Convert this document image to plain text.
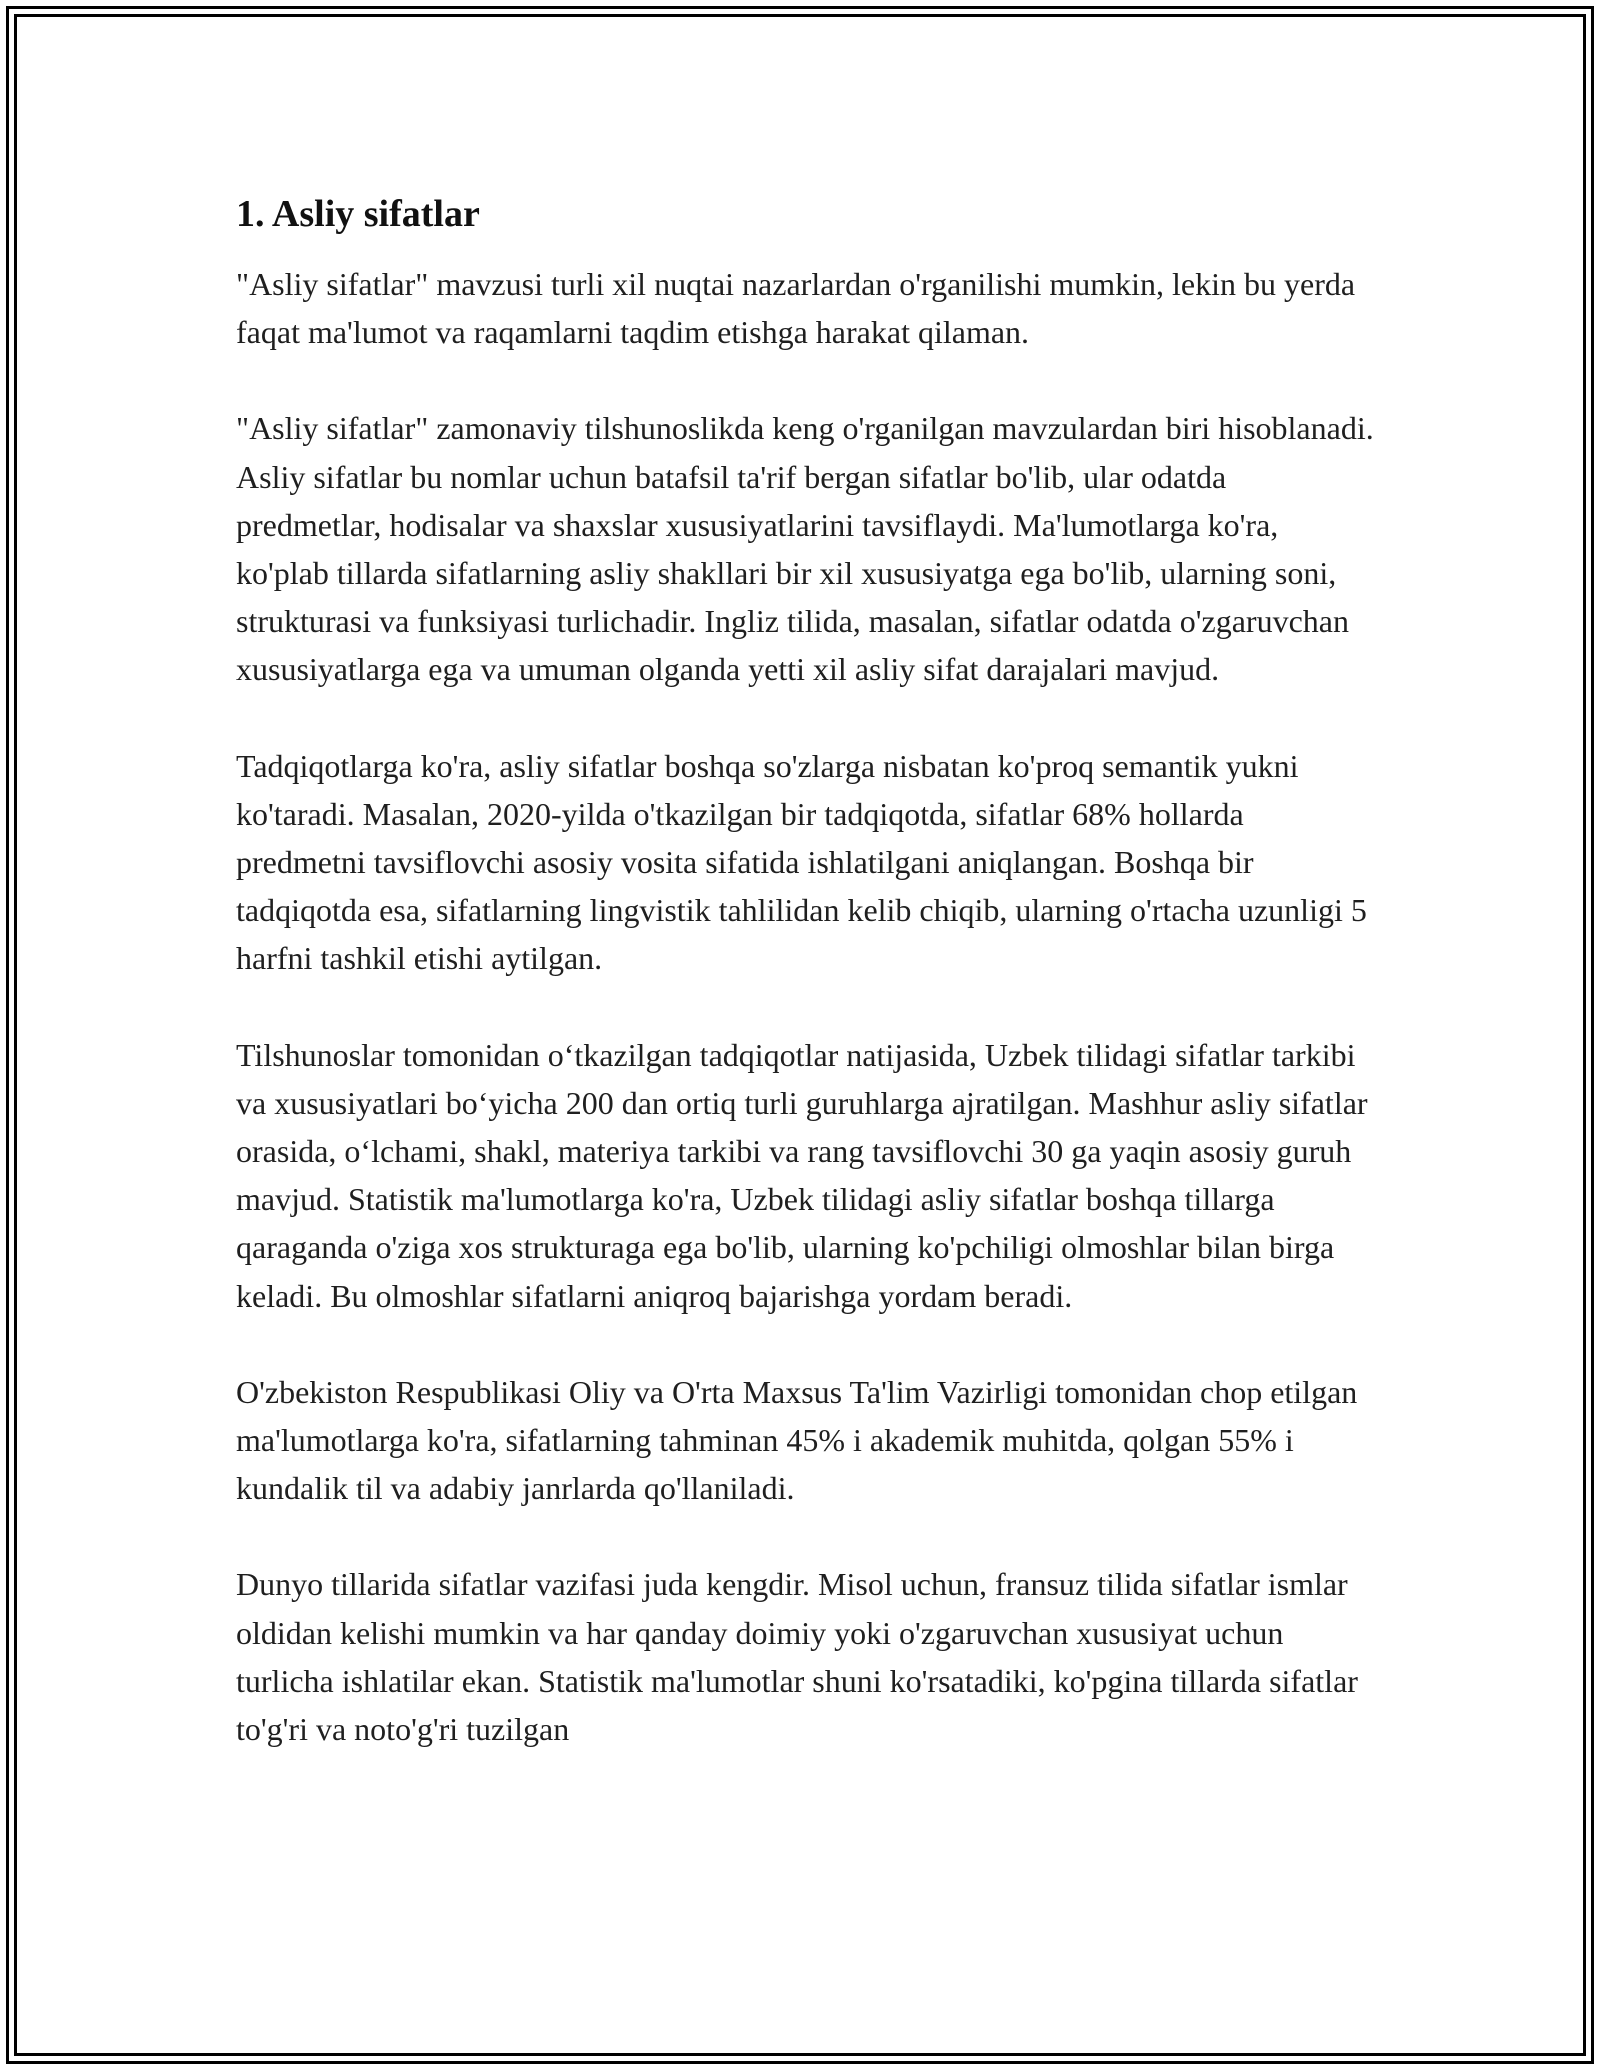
1. Asliy sifatlar

"Asliy sifatlar" mavzusi turli xil nuqtai nazarlardan o'rganilishi mumkin, lekin bu yerda faqat ma'lumot va raqamlarni taqdim etishga harakat qilaman.

"Asliy sifatlar" zamonaviy tilshunoslikda keng o'rganilgan mavzulardan biri hisoblanadi. Asliy sifatlar bu nomlar uchun batafsil ta'rif bergan sifatlar bo'lib, ular odatda predmetlar, hodisalar va shaxslar xususiyatlarini tavsiflaydi. Ma'lumotlarga ko'ra, ko'plab tillarda sifatlarning asliy shakllari bir xil xususiyatga ega bo'lib, ularning soni, strukturasi va funksiyasi turlichadir. Ingliz tilida, masalan, sifatlar odatda o'zgaruvchan xususiyatlarga ega va umuman olganda yetti xil asliy sifat darajalari mavjud.

Tadqiqotlarga ko'ra, asliy sifatlar boshqa so'zlarga nisbatan ko'proq semantik yukni ko'taradi. Masalan, 2020-yilda o'tkazilgan bir tadqiqotda, sifatlar 68% hollarda predmetni tavsiflovchi asosiy vosita sifatida ishlatilgani aniqlangan. Boshqa bir tadqiqotda esa, sifatlarning lingvistik tahlilidan kelib chiqib, ularning o'rtacha uzunligi 5 harfni tashkil etishi aytilgan.

Tilshunoslar tomonidan o‘tkazilgan tadqiqotlar natijasida, Uzbek tilidagi sifatlar tarkibi va xususiyatlari bo‘yicha 200 dan ortiq turli guruhlarga ajratilgan. Mashhur asliy sifatlar orasida, o‘lchami, shakl, materiya tarkibi va rang tavsiflovchi 30 ga yaqin asosiy guruh mavjud. Statistik ma'lumotlarga ko'ra, Uzbek tilidagi asliy sifatlar boshqa tillarga qaraganda o'ziga xos strukturaga ega bo'lib, ularning ko'pchiligi olmoshlar bilan birga keladi. Bu olmoshlar sifatlarni aniqroq bajarishga yordam beradi.

O'zbekiston Respublikasi Oliy va O'rta Maxsus Ta'lim Vazirligi tomonidan chop etilgan ma'lumotlarga ko'ra, sifatlarning tahminan 45% i akademik muhitda, qolgan 55% i kundalik til va adabiy janrlarda qo'llaniladi.

Dunyo tillarida sifatlar vazifasi juda kengdir. Misol uchun, fransuz tilida sifatlar ismlar oldidan kelishi mumkin va har qanday doimiy yoki o'zgaruvchan xususiyat uchun turlicha ishlatilar ekan. Statistik ma'lumotlar shuni ko'rsatadiki, ko'pgina tillarda sifatlar to'g'ri va noto'g'ri tuzilgan
